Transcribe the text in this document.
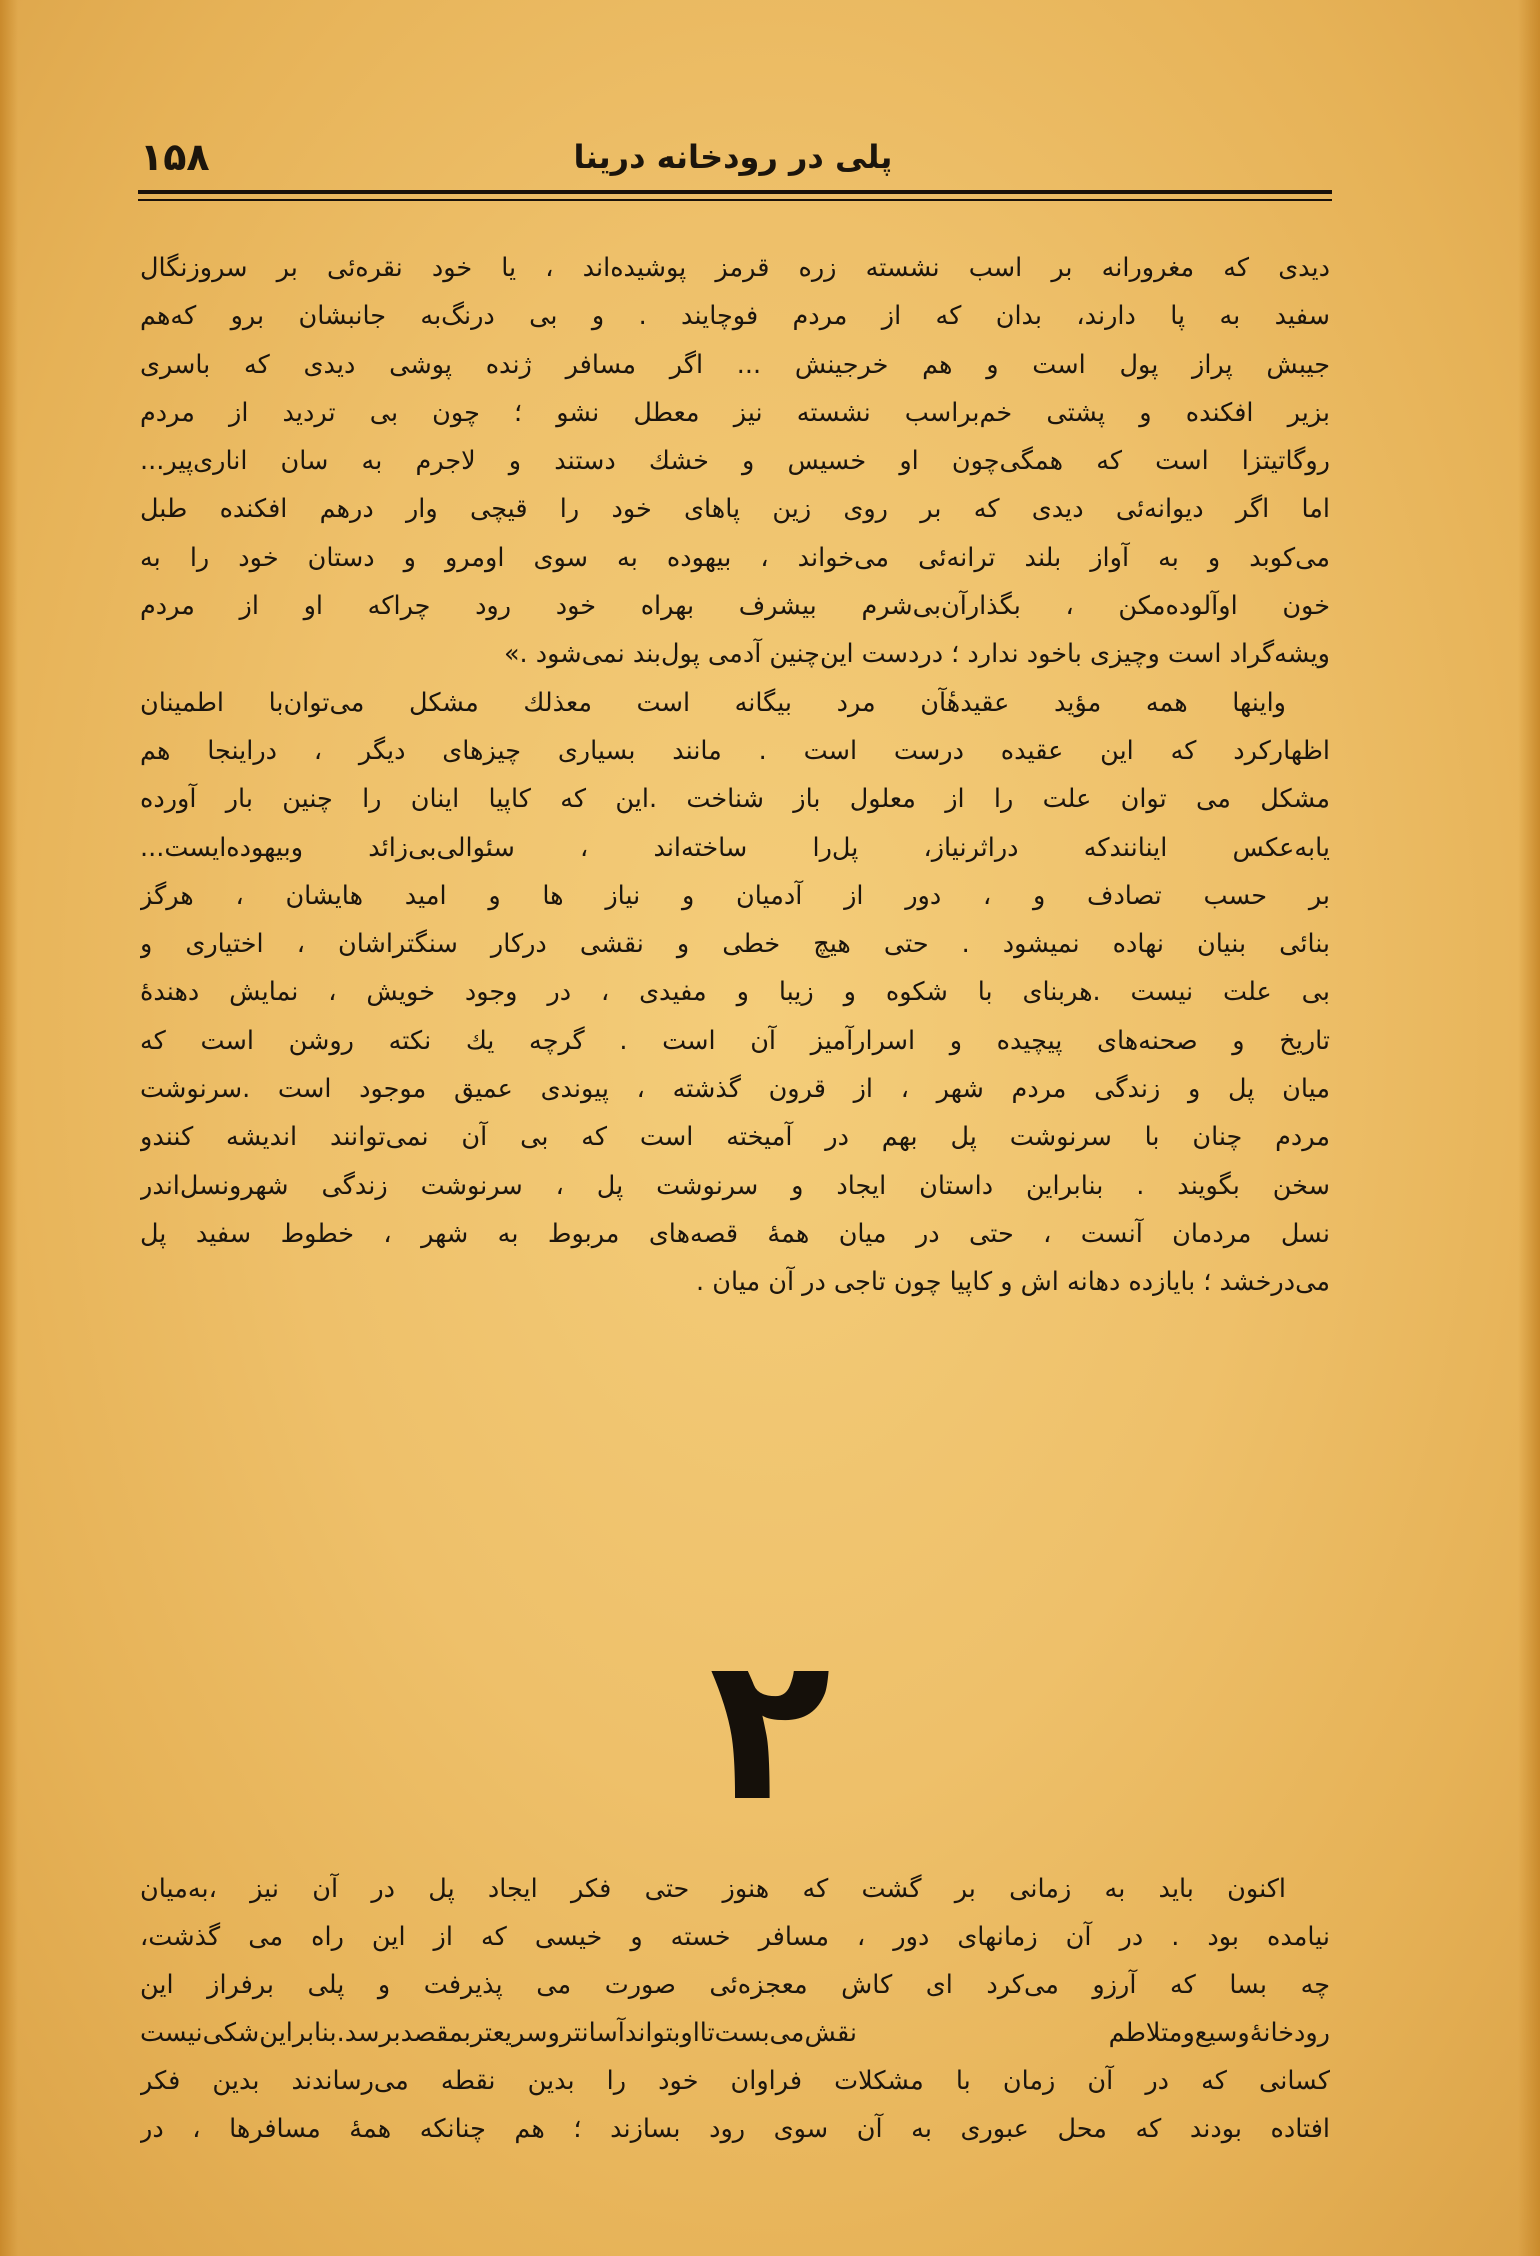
۱۵۸	پلی در رودخانه درینا
دیدی که مغرورانه بر اسب نشسته زره قرمز پوشیده‌اند ، یا خود نقره‌ئی بر سروزنگال
سفید به پا دارند، بدان که از مردم فوچایند . و بی درنگ‌به جانبشان برو که‌هم
جیبش پراز پول است و هم خرجینش ... اگر مسافر ژنده پوشی دیدی که باسری
بزیر افکنده و پشتی خم‌براسب نشسته نیز معطل نشو ؛ چون بی تردید از مردم
روگاتیتزا است که همگی‌چون او خسیس و خشك دستند و لاجرم به سان اناری‌پیر...
اما اگر دیوانه‌ئی دیدی که بر روی زین پاهای خود را قیچی وار درهم افکنده طبل
می‌کوبد و به آواز بلند ترانه‌ئی می‌خواند ، بیهوده به سوی اومرو و دستان خود را به
خون اوآلوده‌مکن ، بگذارآن‌بی‌شرم بیشرف بهراه خود رود چراکه او از مردم
ویشه‌گراد است وچیزی باخود ندارد ؛ دردست این‌چنین آدمی پول‌بند نمی‌شود .»
واینها همه مؤید عقیدهٔآن مرد بیگانه است معذلك مشکل می‌توان‌با اطمینان
اظهارکرد که این عقیده درست است . مانند بسیاری چیزهای دیگر ، دراینجا هم
مشکل می توان علت را از معلول باز شناخت .این که کاپیا اینان را چنین بار آورده
یا‌به‌عکس‌ اینانندکه دراثرنیاز، پل‌را ساخته‌اند ، سئوالی‌بی‌زائد وبیهوده‌ایست...
بر حسب تصادف و ، دور از آدمیان و نیاز ها و امید هایشان ، هرگز
بنائی بنیان نهاده نمیشود . حتی هیچ خطی و نقشی درکار سنگتراشان ، اختیاری و
بی علت نیست .هربنای با شکوه و زیبا و مفیدی ، در وجود خویش ، نمایش دهندهٔ
تاریخ و صحنه‌های پیچیده و اسرارآمیز آن است . گرچه یك نکته روشن است که
میان پل و زندگی مردم شهر ، از قرون گذشته ، پیوندی عمیق موجود است .سرنوشت
مردم چنان با سرنوشت پل بهم در آمیخته است که بی آن نمی‌توانند اندیشه کنندو
سخن بگویند . بنابراین داستان ایجاد و سرنوشت پل ، سرنوشت زندگی شهرونسل‌اندر
نسل مردمان آنست ، حتی در میان همهٔ قصه‌های مربوط به شهر ، خطوط سفید پل
می‌درخشد ؛ بایازده دهانه اش و کاپیا چون تاجی در آن میان .
۲
اکنون باید به زمانی بر گشت که هنوز حتی فکر ایجاد پل در آن نیز ،به‌میان
نیامده بود . در آن زمانهای دور ، مسافر خسته و خیسی که از این راه می گذشت،
چه بسا که آرزو می‌کرد ای کاش معجزه‌ئی صورت می پذیرفت و پلی برفراز این
رودخانهٔ‌وسیع‌ومتلاطم نقش‌می‌بست‌تااو‌بتواندآسانتروسریعتر‌بمقصدبرسد.بنابراین‌شکی‌نیست
کسانی که در آن زمان با مشکلات فراوان خود را بدین نقطه می‌رساندند بدین فکر
افتاده بودند که محل عبوری به آن سوی رود بسازند ؛ هم چنانکه همهٔ مسافرها ، در
